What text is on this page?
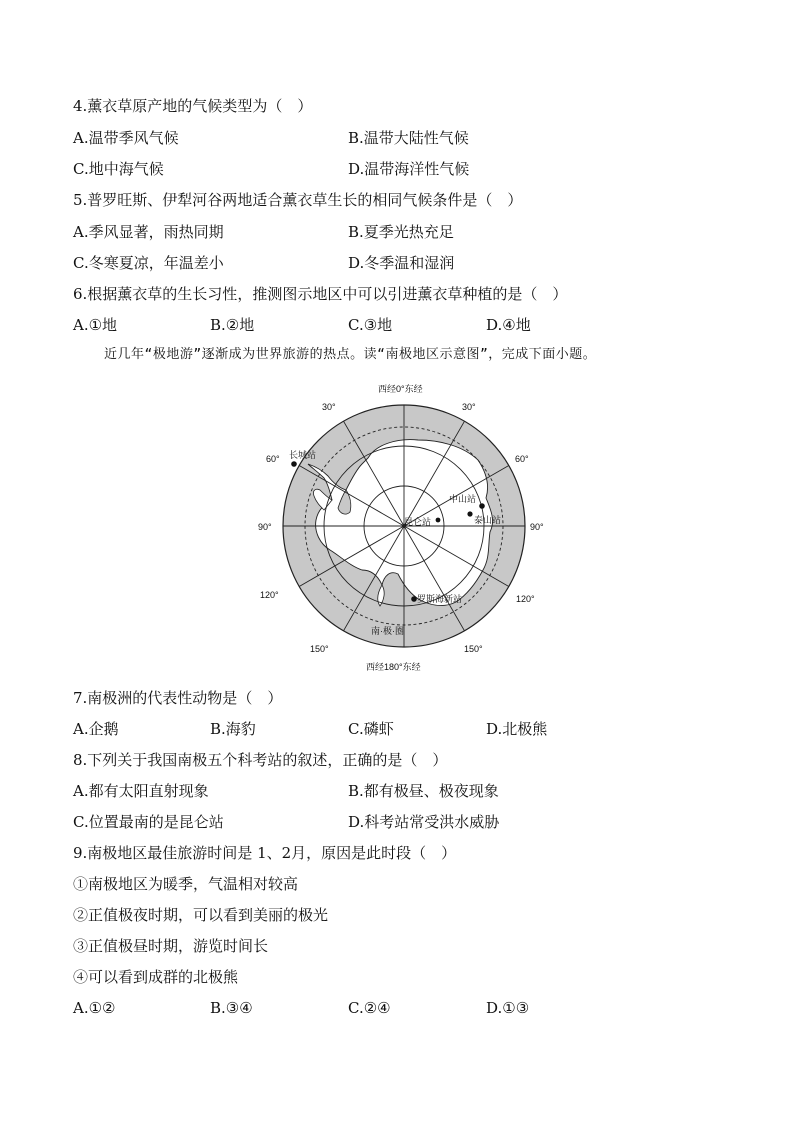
4.薰衣草原产地的气候类型为（　）
A.温带季风气候	B.温带大陆性气候
C.地中海气候	D.温带海洋性气候
5.普罗旺斯、伊犁河谷两地适合薰衣草生长的相同气候条件是（　）
A.季风显著，雨热同期	B.夏季光热充足
C.冬寒夏凉，年温差小	D.冬季温和湿润
6.根据薰衣草的生长习性，推测图示地区中可以引进薰衣草种植的是（　）
A.①地	B.②地	C.③地	D.④地
近几年“极地游”逐渐成为世界旅游的热点。读“南极地区示意图”，完成下面小题。
长城站
中山站
泰山站
昆仑站
罗斯海新站
南·极·圈
西经0°东经
西经180°东经
30°	30°
60°	60°
90°	90°
120°	120°
150°	150°
7.南极洲的代表性动物是（　）
A.企鹅	B.海豹	C.磷虾	D.北极熊
8.下列关于我国南极五个科考站的叙述，正确的是（　）
A.都有太阳直射现象	B.都有极昼、极夜现象
C.位置最南的是昆仑站	D.科考站常受洪水威胁
9.南极地区最佳旅游时间是 1、2月，原因是此时段（　）
①南极地区为暖季，气温相对较高
②正值极夜时期，可以看到美丽的极光
③正值极昼时期，游览时间长
④可以看到成群的北极熊
A.①②	B.③④	C.②④	D.①③
